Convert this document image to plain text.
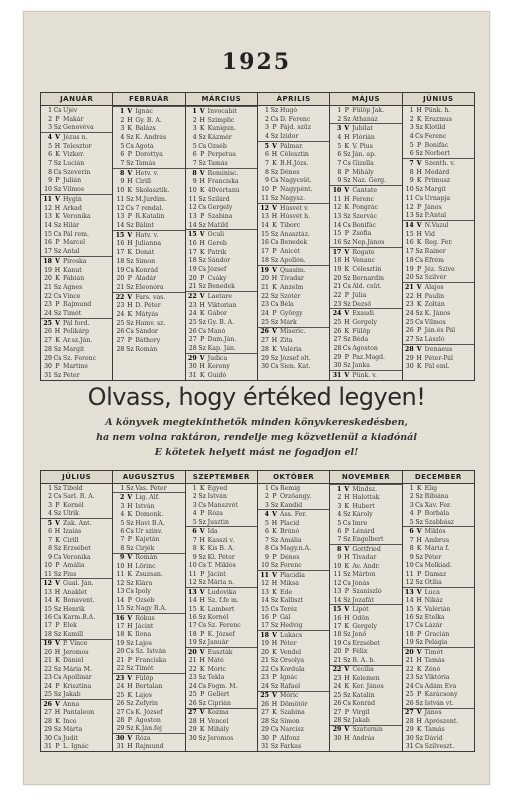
1925
JANUÁR
1 Cs Újév
2 P Makár
3 Sz Genovéva
4 V Jézus n.
5 H Telesztor
6 K Vízker.
7 Sz Lucián
8 Cs Szeverin
9 P Julián
10 Sz Vilmos
11 V Hygin
12 H Arkad
13 K Veronika
14 Sz Hilár
15 Cs Pál rem.
16 P Marcel
17 Sz Antal
18 V Piroska
19 H Kanut
20 K Fábián
21 Sz Ágnes
22 Cs Vince
23 P Rajmund
24 Sz Timót
25 V Pál ford.
26 H Polikárp
27 K Ar.sz.Ján.
28 Sz Margit
29 Cs Sz. Ferenc
30 P Martine
31 Sz Péter
FEBRUÁR
1 V Ignác
2 H Gy. B. A.
3 K Balázs
4 Sz K. András
5 Cs Ágota
6 P Dorottya
7 Sz Tamás
8 V Hetv. v.
9 H Cirill
10 K Skolasztik.
11 Sz M.Jurdim.
12 Cs 7 rendal.
13 P R.Katalin
14 Sz Bálint
15 V Hatv. v.
16 H Julianna
17 K Donát
18 Sz Simon
19 Cs Konrád
20 P Aladár
21 Sz Eleonóra
22 V Fars. vas.
23 H D. Péter
24 K Mátyás
25 Sz Hamv. sz.
26 Cs Sándor
27 P Báthory
28 Sz Román
MÁRCIUS
1 V Invocabit
2 H Szimplic
3 K Kunigun.
4 Sz Kázmér
5 Cs Özséb
6 P Perpetua
7 Sz Tamás
8 V Reminisc.
9 H Franciska
10 K 40vértanú
11 Sz Szilárd
12 Cs Gergely
13 P Szabina
14 Sz Matild
15 V Oculi
16 H Gereb
17 K Patrik
18 Sz Sándor
19 Cs József
20 P Csáky
21 Sz Benedek
22 V Laetare
23 H Viktorian
24 K Gábor
25 Sz Gy. B. A.
26 Cs Manó
27 P Dam.Ján.
28 Sz Kap. Ján.
29 V Judica
30 H Kereny
31 K Guidó
ÁPRILIS
1 Sz Hugó
2 Cs D. Ferenc
3 P Fájd. szűz
4 Sz Izidor
5 V Pálmar.
6 H Célesztin
7 K B.H.Józs.
8 Sz Dénes
9 Cs Nagycsüt.
10 P Nagypént.
11 Sz Nagysz.
12 V Húsvét v.
13 H Húsvét h.
14 K Tiborc
15 Sz Anasztáz.
16 Cs Benedek
17 P Anicét
18 Sz Apollón.
19 V Quasim.
20 H Tivadar
21 K Anzelm
22 Sz Szótér
23 Cs Béla
24 P György
25 Sz Márk
26 V Miseric.
27 H Zita
28 K Valéria
29 Sz József olt.
30 Cs Sien. Kat.
MÁJUS
1 P Fülöp Jak.
2 Sz Athanáz
3 V Jubilat
4 H Flórián
5 K V. Pius
6 Sz Ján. ap.
7 Cs Gizella
8 P Mihály
9 Sz Naz. Gerg.
10 V Cantate
11 H Ferenc
12 K Pongrác
13 Sz Szervác
14 Cs Bonifác
15 P Zsófia
16 Sz Nep.János
17 V Rogate
18 H Venanc
19 K Célesztin
20 Sz Bernardin
21 Cs Áld. csüt.
22 P Júlia
23 Sz Dezső
24 V Exaudi
25 H Gergely
26 K Fülöp
27 Sz Béda
28 Cs Ágoston
29 P Paz.Magd.
30 Sz Janka
31 V Pünk. v.
JÚNIUS
1 H Pünk. h.
2 K Erazmus
3 Sz Klotild
4 Cs Ferenc
5 P Bonifác
6 Sz Norbert
7 V Szenth. v.
8 H Medárd
9 K Primusz
10 Sz Margit
11 Cs Urnapja
12 P János
13 Sz P.Antal
14 V N.Vazul
15 H Vid
16 K Reg. Fer.
17 Sz Rainer
18 Cs Efrém
19 P Jéz. Szíve
20 Sz Szilvér
21 V Alajos
22 H Paulin
23 K Zoltán
24 Sz K. János
25 Cs Vilmos
26 P Ján.és Pál
27 Sz László
28 V Irenaeus
29 H Péter-Pál
30 K Pál eml.
Olvass, hogy értéked legyen!
A könyvek megtekinthetők minden könyvkereskedésben,
ha nem volna raktáron, rendelje meg közvetlenül a kiadónál
E kötetek helyett mást ne fogadjon el!
JÚLIUS
1 Sz Tibold
2 Cs Sarl. B. A.
3 P Kornél
4 Sz Ulrik
5 V Zak. Ant.
6 H Izaiás
7 K Cirill
8 Sz Erzsébet
9 Cs Veronika
10 P Amália
11 Sz Pius
12 V Gual. Ján.
13 H Anaklét
14 K Bonavent.
15 Sz Henrik
16 Cs Karm.B.A.
17 P Elek
18 Sz Kamill
19 V P. Vince
20 H Jeromos
21 K Dániel
22 Sz Mária M.
23 Cs Apollinár
24 P Krisztina
25 Sz Jakab
26 V Anna
27 H Pantaleon
28 K Ince
29 Sz Márta
30 Cs Judit
31 P L. Ignác
AUGUSZTUS
1 Sz Vas. Péter
2 V Lig. Alf.
3 H István
4 K Domonk.
5 Sz Havi B.A.
6 Cs Ur szinv.
7 P Kajetán
8 Sz Cirjék
9 V Román
10 H Lőrinc
11 K Zsuzsan.
12 Sz Klára
13 Cs Ipoly
14 P Özséb
15 Sz Nagy B.A.
16 V Rókus
17 H Jácint
18 K Ilona
19 Sz Lajos
20 Cs Sz. István
21 P Franciska
22 Sz Timót
23 V Fülöp
24 H Bertalan
25 K Lajos
26 Sz Zefyrin
27 Cs K. József
28 P Ágoston
29 Sz K.Ján.fej
30 V Róza
31 H Rajmund
SZEPTEMBER
1 K Egyed
2 Sz István
3 Cs Manszvét
4 P Róza
5 Sz Jusztin
6 V Ida
7 H Kasszi v.
8 K Kis B. A.
9 Sz Kl. Péter
10 Cs T. Miklós
11 P Jácint
12 Sz Mária n.
13 V Ludovika
14 H Sz. f.fe m.
15 K Lambert
16 Sz Kornél
17 Cs Sz. Ferenc
18 P K. József
19 Sz Január
20 V Euszták
21 H Máté
22 K Móric
23 Sz Tekla
24 Cs Fogm. M.
25 P Gellért
26 Sz Ciprián
27 V Kozma
28 H Vencel
29 K Mihály
30 Sz Jeromos
OKTÓBER
1 Cs Remig
2 P Őrzőangy.
3 Sz Kandid
4 V Ass. Fer.
5 H Placid
6 K Brúnó
7 Sz Amália
8 Cs Magy.n.A.
9 P Dénes
10 Sz Ferenc
11 V Placidia
12 H Miksa
13 K Ede
14 Sz Kalliszt
15 Cs Teréz
16 P Gál
17 Sz Hedvig
18 V Lukács
19 H Péter
20 K Vendel
21 Sz Orsolya
22 Cs Kordula
23 P Ignác
24 Sz Ráfael
25 V Móric
26 H Dömötör
27 K Szabina
28 Sz Simon
29 Cs Narcisz
30 P Alfonz
31 Sz Farkas
NOVEMBER
1 V Mindsz.
2 H Halottak
3 K Hubert
4 Sz Károly
5 Cs Imre
6 P Lénárd
7 Sz Engelbert
8 V Gottfried
9 H Tivadar
10 K Av. Andr.
11 Sz Márton
12 Cs Jónás
13 P Szaniszló
14 Sz Jozafát
15 V Lipót
16 H Ödön
17 K Gergely
18 Sz Jenő
19 Cs Erzsébet
20 P Félix
21 Sz B. A. b.
22 V Cecília
23 H Kelemen
24 K Ker. János
25 Sz Katalin
26 Cs Konrád
27 P Virgil
28 Sz Jakab
29 V Szaturnin
30 H András
DECEMBER
1 K Elig
2 Sz Bibiána
3 Cs Xav. Fer.
4 P Borbála
5 Sz Szabbász
6 V Miklós
7 H Ambrus
8 K Mária f.
9 Sz Péter
10 Cs Melkiad.
11 P Damaz
12 Sz Otilia
13 V Luca
14 H Nikáz
15 K Valérián
16 Sz Etelka
17 Cs Lázár
18 P Gracián
19 Sz Pelágia
20 V Timót
21 H Tamás
22 K Zénó
23 Sz Viktória
24 Cs Ádám Éva
25 P Karácsony
26 Sz István vt.
27 V János
28 H Aprószent.
29 K Tamás
30 Sz Dávid
31 Cs Szilveszt.
